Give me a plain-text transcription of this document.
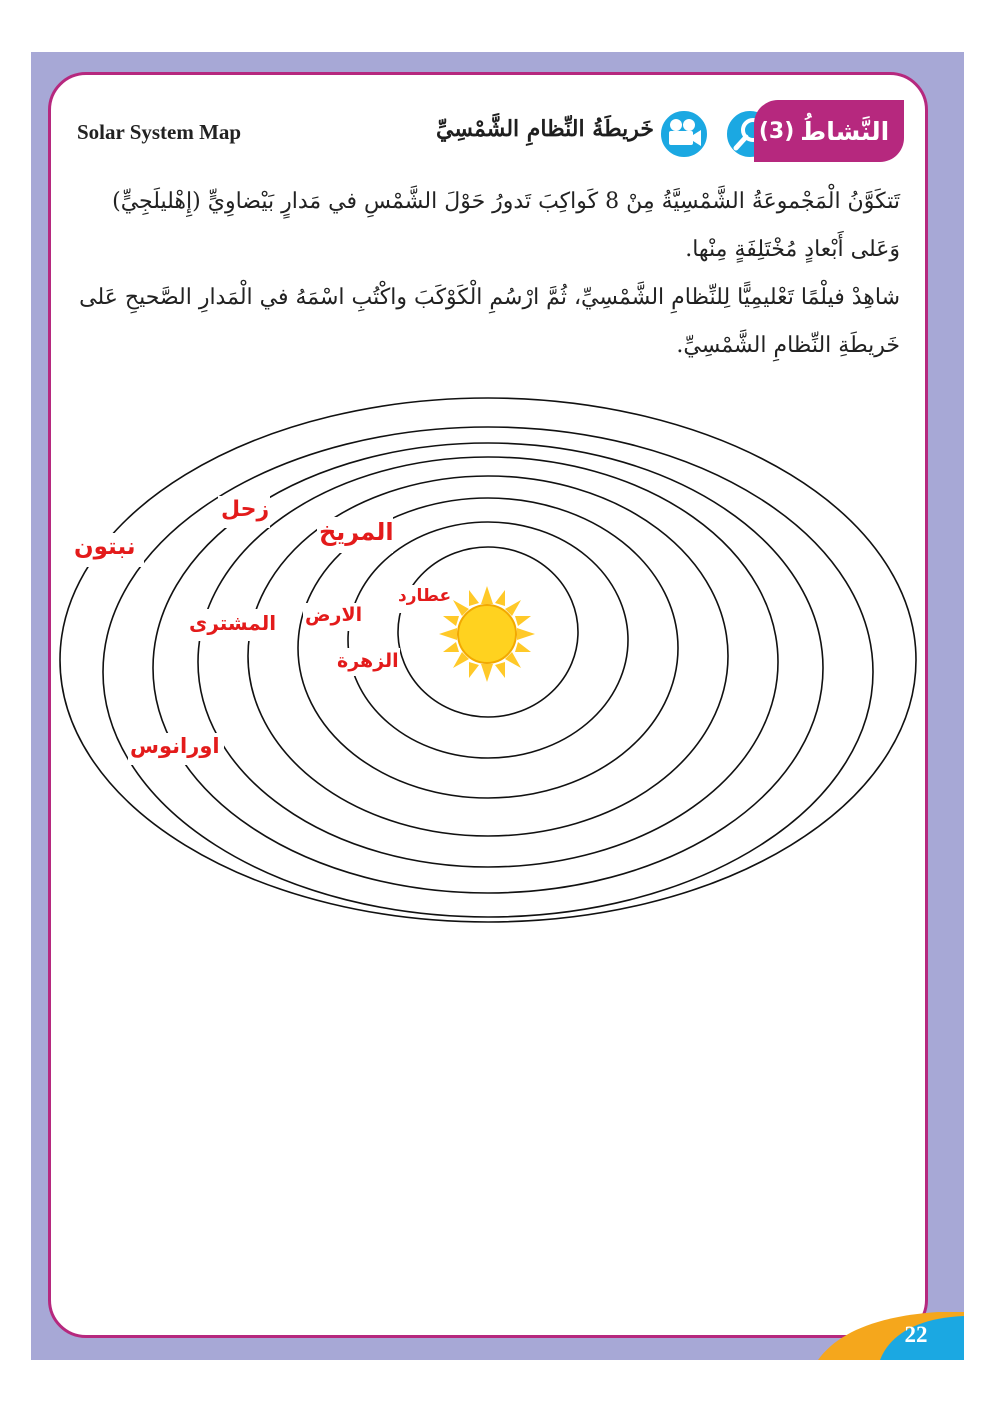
النَّشاطُ
(3)
خَريطَةُ النِّظامِ الشَّمْسِيِّ
Solar System Map
تَتكَوَّنُ الْمَجْموعَةُ الشَّمْسِيَّةُ مِنْ 8 كَواكِبَ تَدورُ حَوْلَ الشَّمْسِ في مَدارٍ بَيْضاوِيٍّ (إِهْليلَجِيٍّ) وَعَلى أَبْعادٍ مُخْتَلِفَةٍ مِنْها.
شاهِدْ فيلْمًا تَعْليمِيًّا لِلنِّظامِ الشَّمْسِيِّ، ثُمَّ ارْسُمِ الْكَوْكَبَ واكْتُبِ اسْمَهُ في الْمَدارِ الصَّحيحِ عَلى خَريطَةِ النِّظامِ الشَّمْسِيِّ.
عطارد
الارض
الزهرة
المريخ
المشترى
زحل
اورانوس
نبتون
22
